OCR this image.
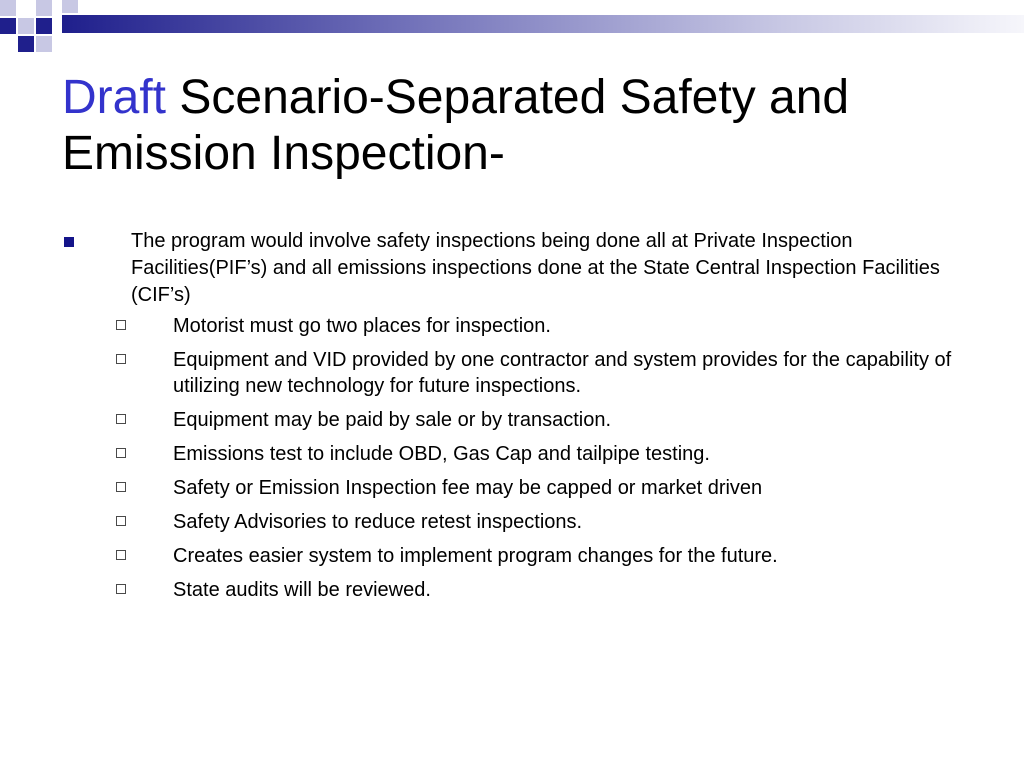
Draft Scenario-Separated Safety and Emission Inspection-
The program would involve safety inspections being done all at Private Inspection Facilities(PIF’s) and all emissions inspections done at the State Central Inspection Facilities (CIF’s)
Motorist must go two places for inspection.
Equipment and VID provided by one contractor and system provides for the capability of utilizing new technology for future inspections.
Equipment may be paid by sale or by transaction.
Emissions test to include OBD, Gas Cap and tailpipe testing.
Safety or Emission Inspection fee may be capped or market driven
Safety Advisories to reduce retest inspections.
Creates easier system to implement program changes for the future.
State audits will be reviewed.
